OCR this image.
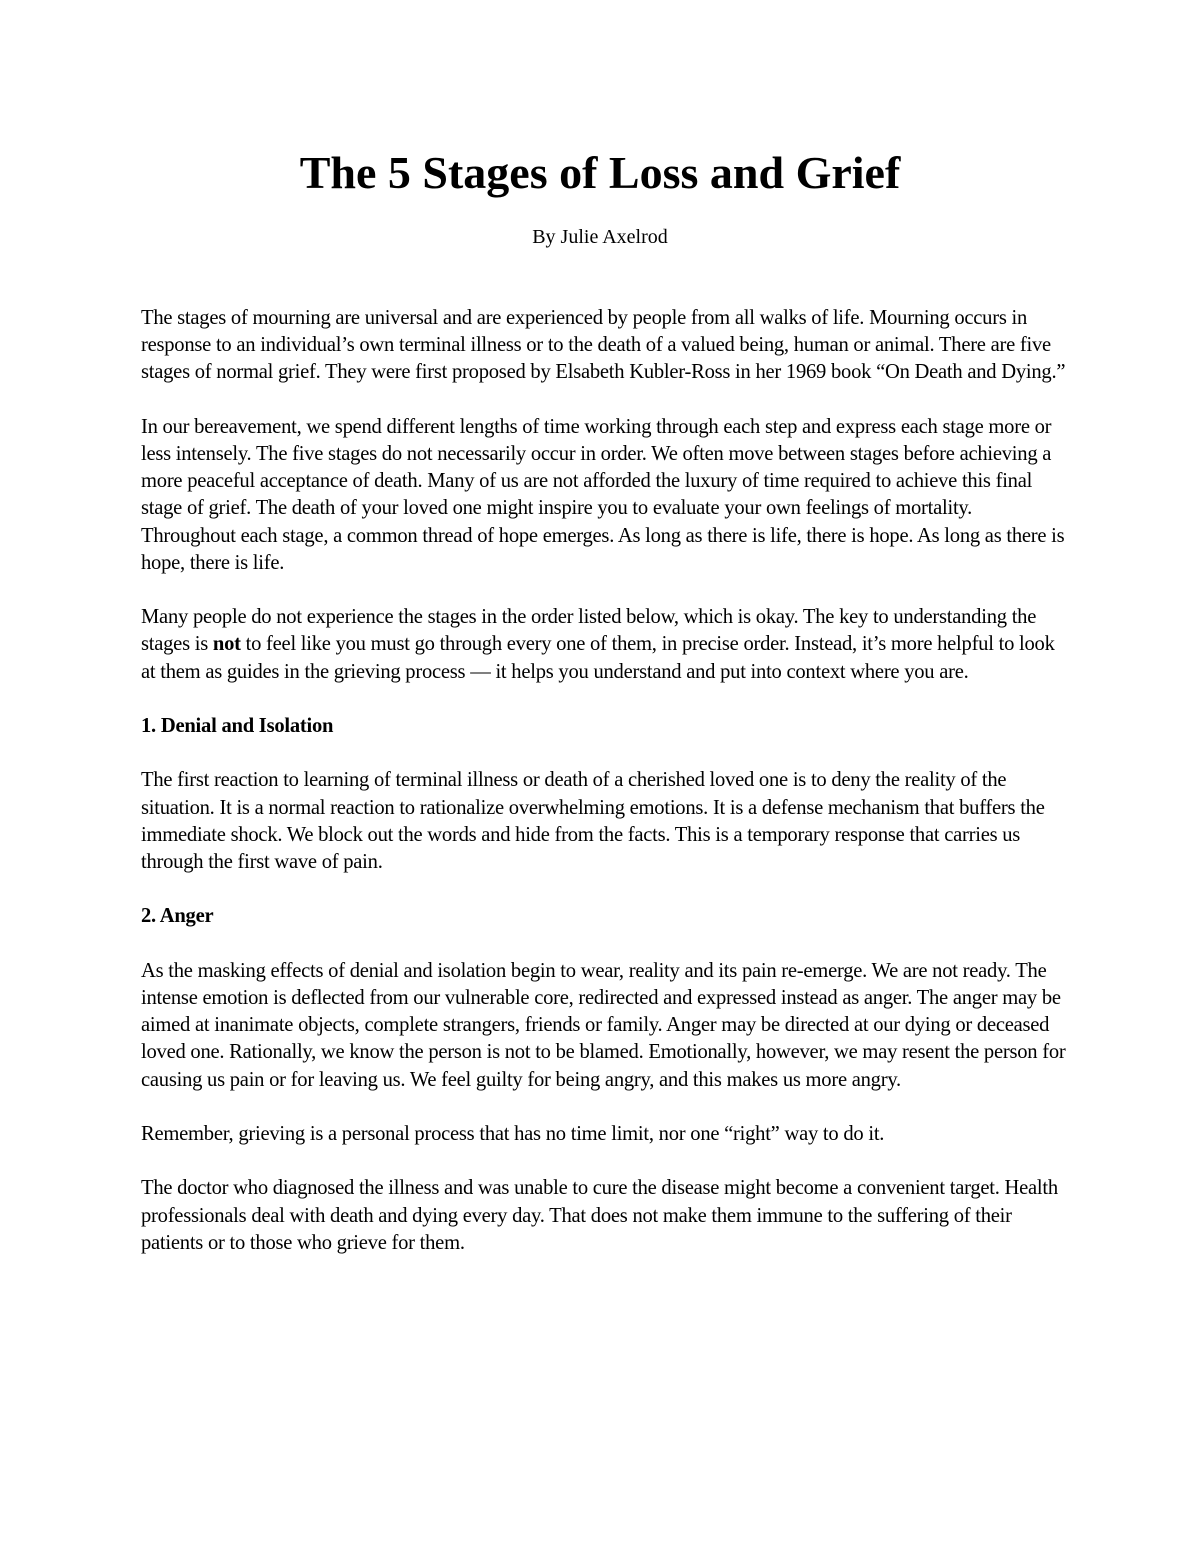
The 5 Stages of Loss and Grief
By Julie Axelrod

The stages of mourning are universal and are experienced by people from all walks of life. Mourning occurs in response to an individual’s own terminal illness or to the death of a valued being, human or animal. There are five stages of normal grief. They were first proposed by Elsabeth Kubler-Ross in her 1969 book “On Death and Dying.”

In our bereavement, we spend different lengths of time working through each step and express each stage more or less intensely. The five stages do not necessarily occur in order. We often move between stages before achieving a more peaceful acceptance of death. Many of us are not afforded the luxury of time required to achieve this final stage of grief. The death of your loved one might inspire you to evaluate your own feelings of mortality. Throughout each stage, a common thread of hope emerges. As long as there is life, there is hope. As long as there is hope, there is life.

Many people do not experience the stages in the order listed below, which is okay. The key to understanding the stages is not to feel like you must go through every one of them, in precise order. Instead, it’s more helpful to look at them as guides in the grieving process — it helps you understand and put into context where you are.

1. Denial and Isolation

The first reaction to learning of terminal illness or death of a cherished loved one is to deny the reality of the situation. It is a normal reaction to rationalize overwhelming emotions. It is a defense mechanism that buffers the immediate shock. We block out the words and hide from the facts. This is a temporary response that carries us through the first wave of pain.

2. Anger

As the masking effects of denial and isolation begin to wear, reality and its pain re-emerge. We are not ready. The intense emotion is deflected from our vulnerable core, redirected and expressed instead as anger. The anger may be aimed at inanimate objects, complete strangers, friends or family. Anger may be directed at our dying or deceased loved one. Rationally, we know the person is not to be blamed. Emotionally, however, we may resent the person for causing us pain or for leaving us. We feel guilty for being angry, and this makes us more angry.

Remember, grieving is a personal process that has no time limit, nor one “right” way to do it.

The doctor who diagnosed the illness and was unable to cure the disease might become a convenient target. Health professionals deal with death and dying every day. That does not make them immune to the suffering of their patients or to those who grieve for them.
